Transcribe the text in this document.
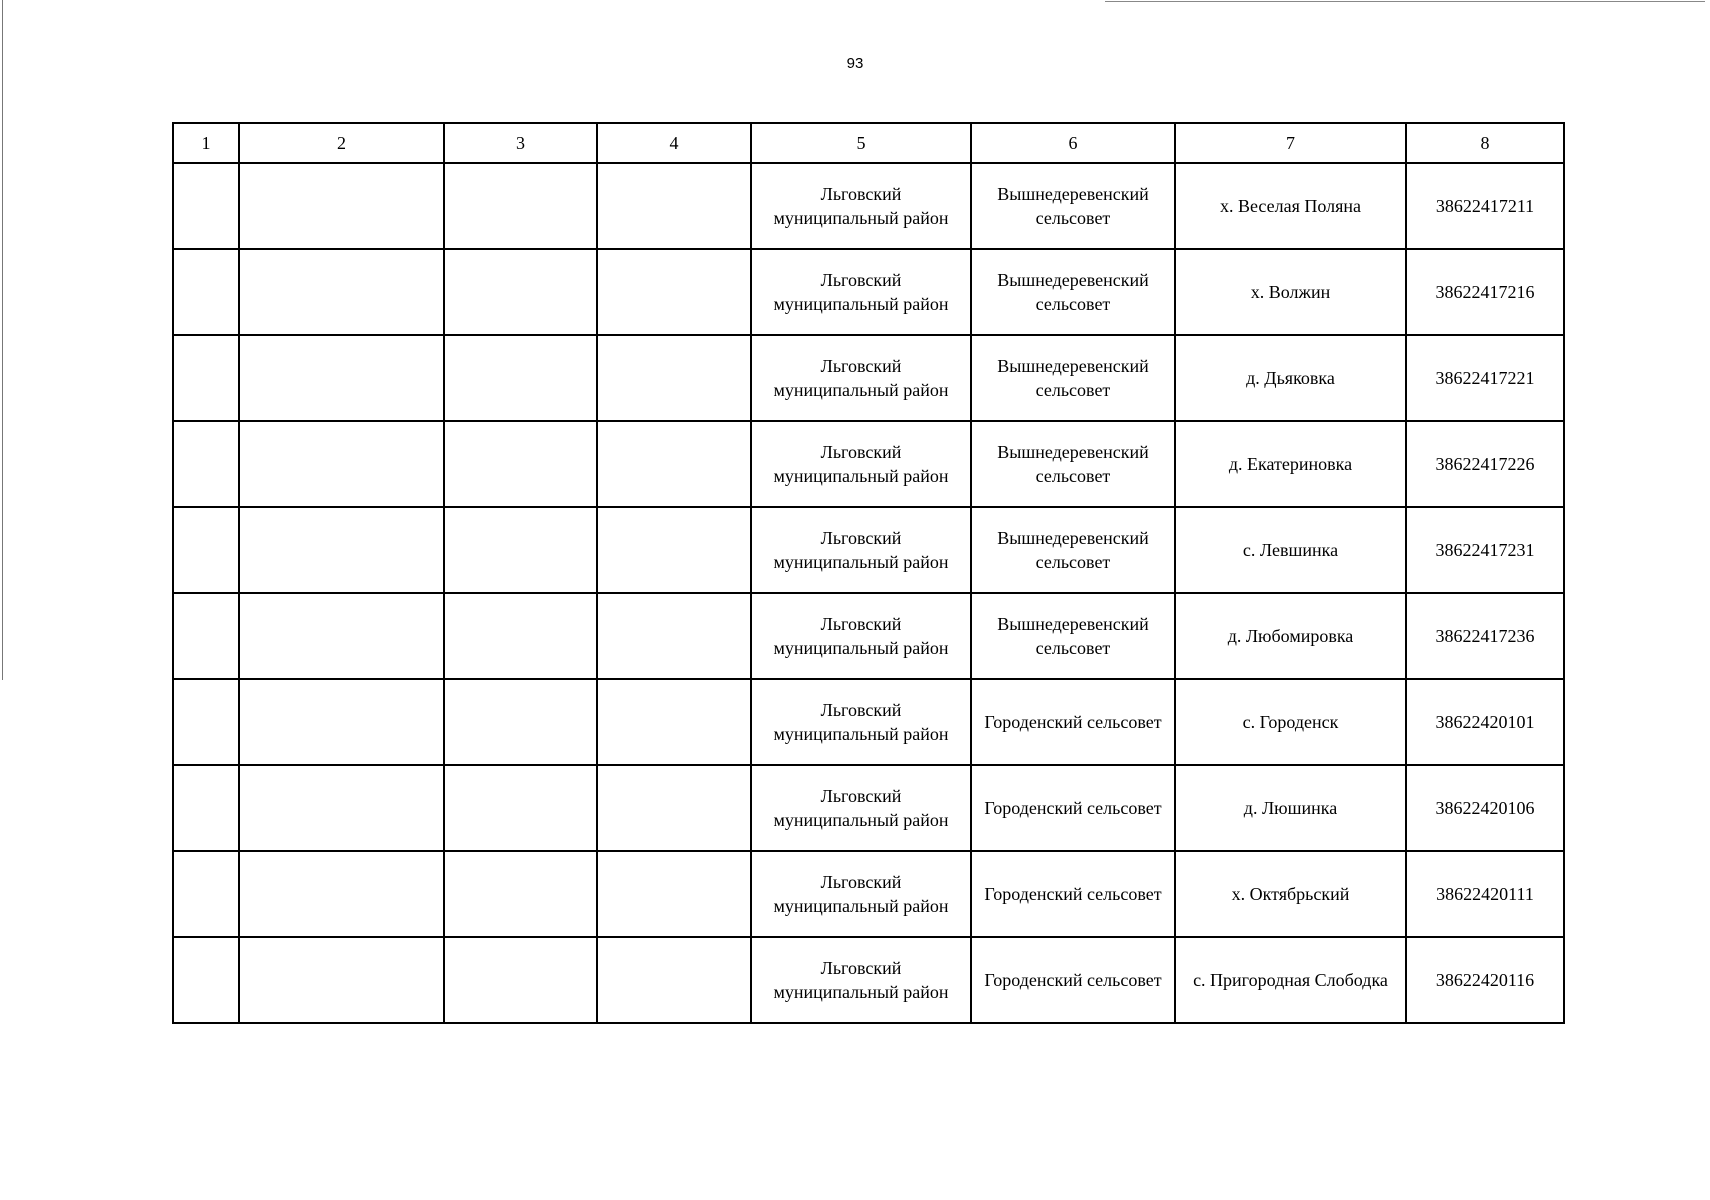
93
1	2	3	4	5	6	7	8
				Льговский муниципальный район	Вышнедеревенский сельсовет	х. Веселая Поляна	38622417211
				Льговский муниципальный район	Вышнедеревенский сельсовет	х. Волжин	38622417216
				Льговский муниципальный район	Вышнедеревенский сельсовет	д. Дьяковка	38622417221
				Льговский муниципальный район	Вышнедеревенский сельсовет	д. Екатериновка	38622417226
				Льговский муниципальный район	Вышнедеревенский сельсовет	с. Левшинка	38622417231
				Льговский муниципальный район	Вышнедеревенский сельсовет	д. Любомировка	38622417236
				Льговский муниципальный район	Городенский сельсовет	с. Городенск	38622420101
				Льговский муниципальный район	Городенский сельсовет	д. Люшинка	38622420106
				Льговский муниципальный район	Городенский сельсовет	х. Октябрьский	38622420111
				Льговский муниципальный район	Городенский сельсовет	с. Пригородная Слободка	38622420116
